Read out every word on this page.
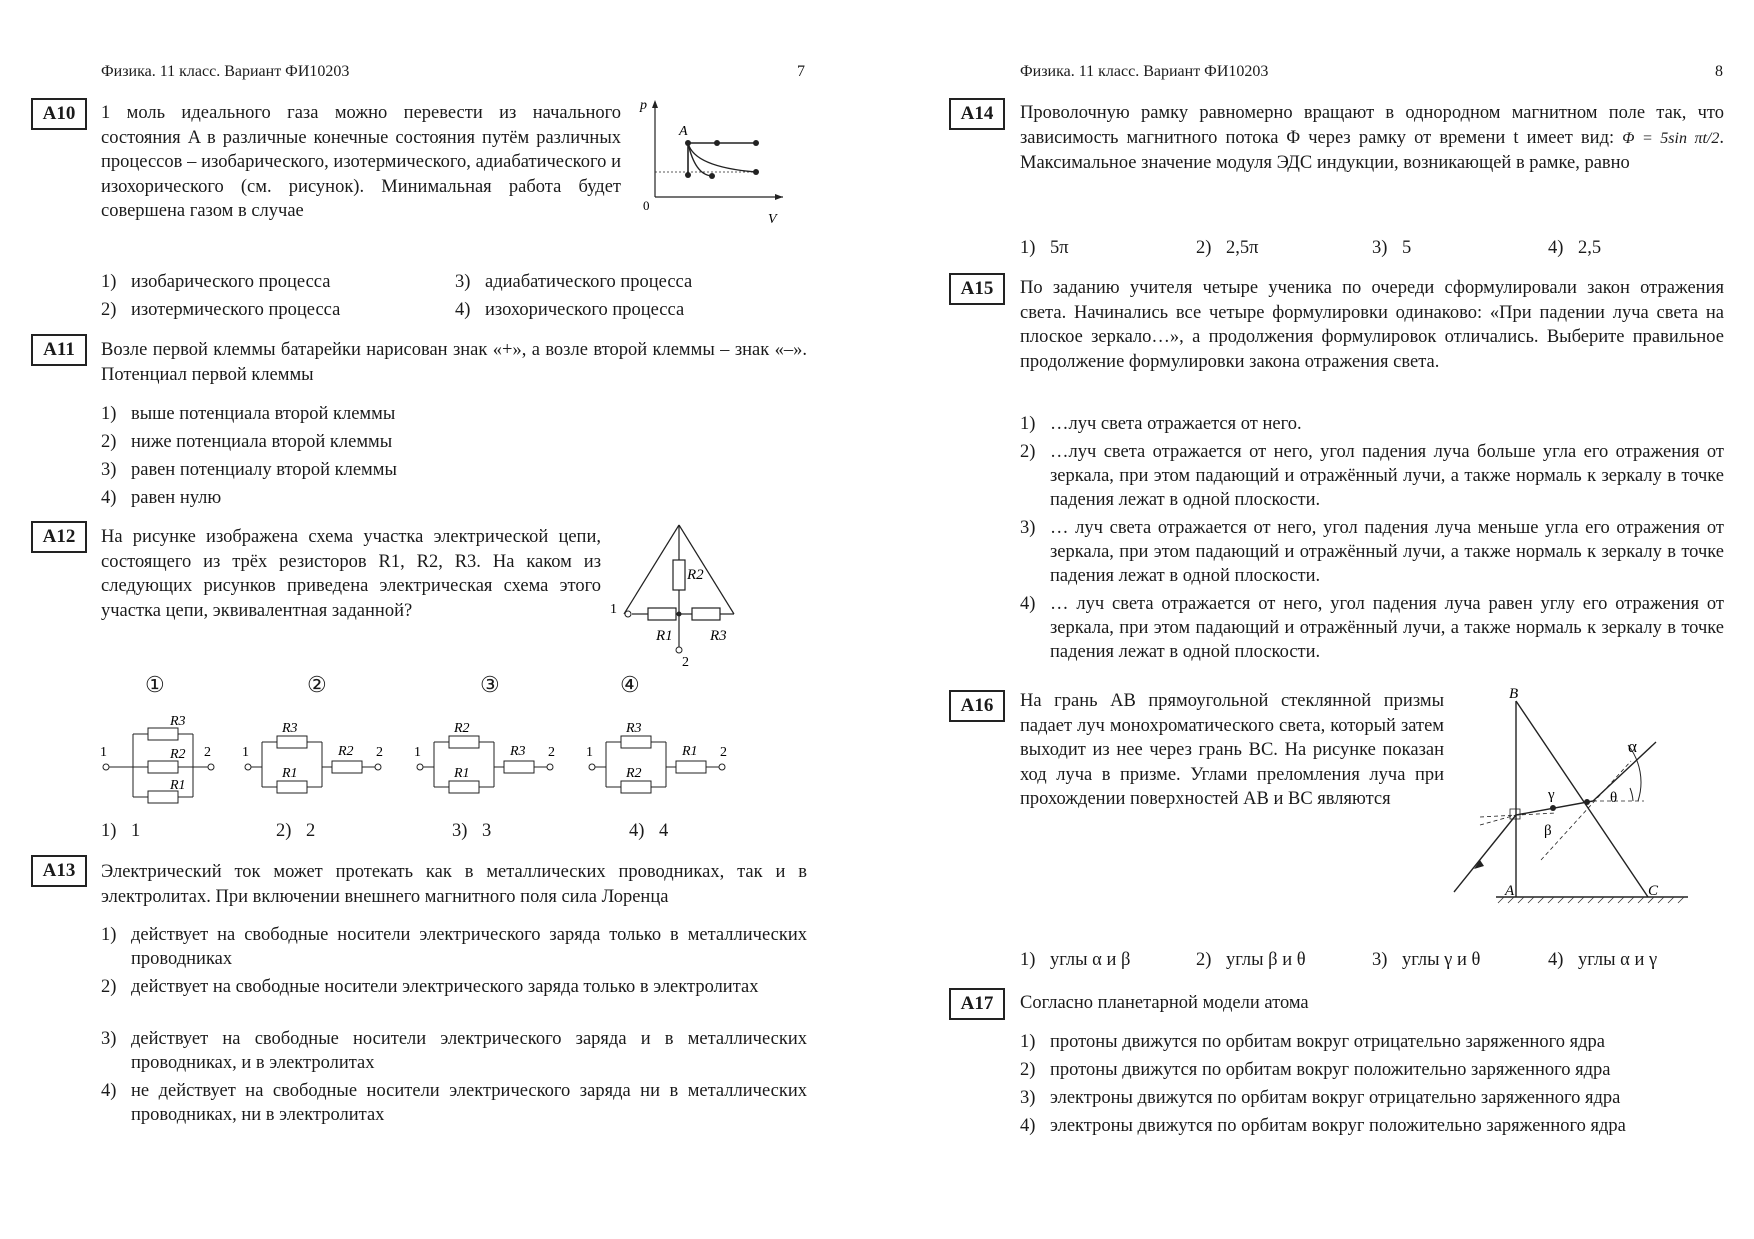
Физика. 11 класс. Вариант ФИ10203	7
A10	1 моль идеального газа можно перевести из начального состояния A в различные конечные состояния путём различных процессов – изобарического, изотермического, адиабатического и изохорического (см. рисунок). Минимальная работа будет совершена газом в случае
p
V
0
A
1) изобарического процесса
2) изотермического процесса
3) адиабатического процесса
4) изохорического процесса
A11	Возле первой клеммы батарейки нарисован знак «+», а возле второй клеммы – знак «–». Потенциал первой клеммы
1) выше потенциала второй клеммы
2) ниже потенциала второй клеммы
3) равен потенциалу второй клеммы
4) равен нулю
A12	На рисунке изображена схема участка электрической цепи, состоящего из трёх резисторов R1, R2, R3. На каком из следующих рисунков приведена электрическая схема этого участка цепи, эквивалентная заданной?
R2
R1 R3
1
2
①	②	③	④
1	2
R3
R2
R1
1	2
R3
R1
R2	1	2
R2
R1
R3	1	2
R3
R2
R1
1) 1	2) 2	3) 3	4) 4
A13	Электрический ток может протекать как в металлических проводниках, так и в электролитах. При включении внешнего магнитного поля сила Лоренца
1) действует на свободные носители электрического заряда только в металлических проводниках
2) действует на свободные носители электрического заряда только в электролитах
3) действует на свободные носители электрического заряда и в металлических проводниках, и в электролитах
4) не действует на свободные носители электрического заряда ни в металлических проводниках, ни в электролитах
Физика. 11 класс. Вариант ФИ10203	8
A14	Проволочную рамку равномерно вращают в однородном магнитном поле так, что зависимость магнитного потока Φ через рамку от времени t имеет вид: Φ = 5sin πt/2. Максимальное значение модуля ЭДС индукции, возникающей в рамке, равно
1) 5π	2) 2,5π	3) 5	4) 2,5
A15	По заданию учителя четыре ученика по очереди сформулировали закон отражения света. Начинались все четыре формулировки одинаково: «При падении луча света на плоское зеркало…», а продолжения формулировок отличались. Выберите правильное продолжение формулировки закона отражения света.
1) …луч света отражается от него.
2) …луч света отражается от него, угол падения луча больше угла его отражения от зеркала, при этом падающий и отражённый лучи, а также нормаль к зеркалу в точке падения лежат в одной плоскости.
3) … луч света отражается от него, угол падения луча меньше угла его отражения от зеркала, при этом падающий и отражённый лучи, а также нормаль к зеркалу в точке падения лежат в одной плоскости.
4) … луч света отражается от него, угол падения луча равен углу его отражения от зеркала, при этом падающий и отражённый лучи, а также нормаль к зеркалу в точке падения лежат в одной плоскости.
A16	На грань AB прямоугольной стеклянной призмы падает луч монохроматического света, который затем выходит из нее через грань BC. На рисунке показан ход луча в призме. Углами преломления луча при прохождении поверхностей AB и BC являются
B
A	C
α
β
γ	θ
1) углы α и β	2) углы β и θ	3) углы γ и θ	4) углы α и γ
A17	Согласно планетарной модели атома
1) протоны движутся по орбитам вокруг отрицательно заряженного ядра
2) протоны движутся по орбитам вокруг положительно заряженного ядра
3) электроны движутся по орбитам вокруг отрицательно заряженного ядра
4) электроны движутся по орбитам вокруг положительно заряженного ядра
